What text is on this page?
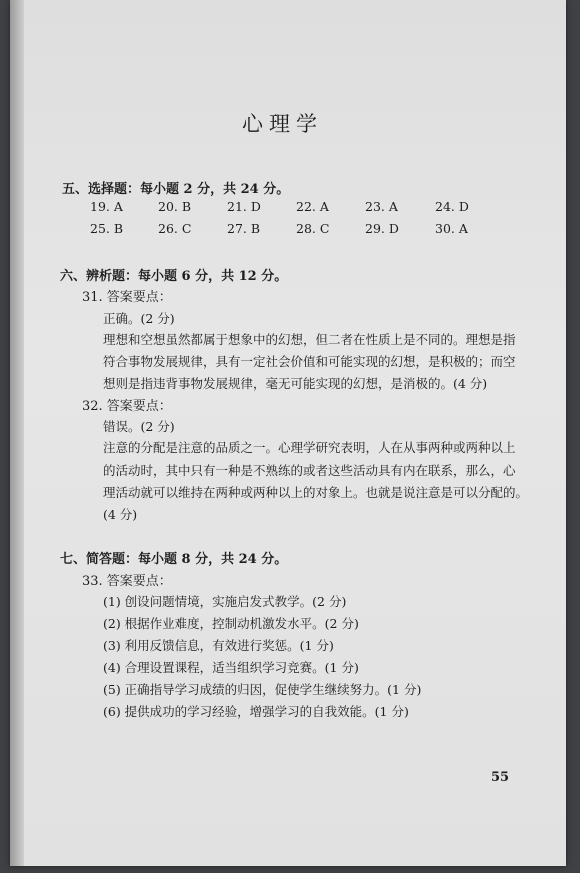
心理学
五、选择题：每小题 2 分，共 24 分。
19. A	20. B	21. D	22. A	23. A	24. D
25. B	26. C	27. B	28. C	29. D	30. A
六、辨析题：每小题 6 分，共 12 分。
31. 答案要点：
正确。(2 分)
理想和空想虽然都属于想象中的幻想，但二者在性质上是不同的。理想是指
符合事物发展规律，具有一定社会价值和可能实现的幻想，是积极的；而空
想则是指违背事物发展规律，毫无可能实现的幻想，是消极的。(4 分)
32. 答案要点：
错误。(2 分)
注意的分配是注意的品质之一。心理学研究表明，人在从事两种或两种以上
的活动时，其中只有一种是不熟练的或者这些活动具有内在联系，那么，心
理活动就可以维持在两种或两种以上的对象上。也就是说注意是可以分配的。
(4 分)
七、简答题：每小题 8 分，共 24 分。
33. 答案要点：
(1) 创设问题情境，实施启发式教学。(2 分)
(2) 根据作业难度，控制动机激发水平。(2 分)
(3) 利用反馈信息，有效进行奖惩。(1 分)
(4) 合理设置课程，适当组织学习竞赛。(1 分)
(5) 正确指导学习成绩的归因，促使学生继续努力。(1 分)
(6) 提供成功的学习经验，增强学习的自我效能。(1 分)
55
